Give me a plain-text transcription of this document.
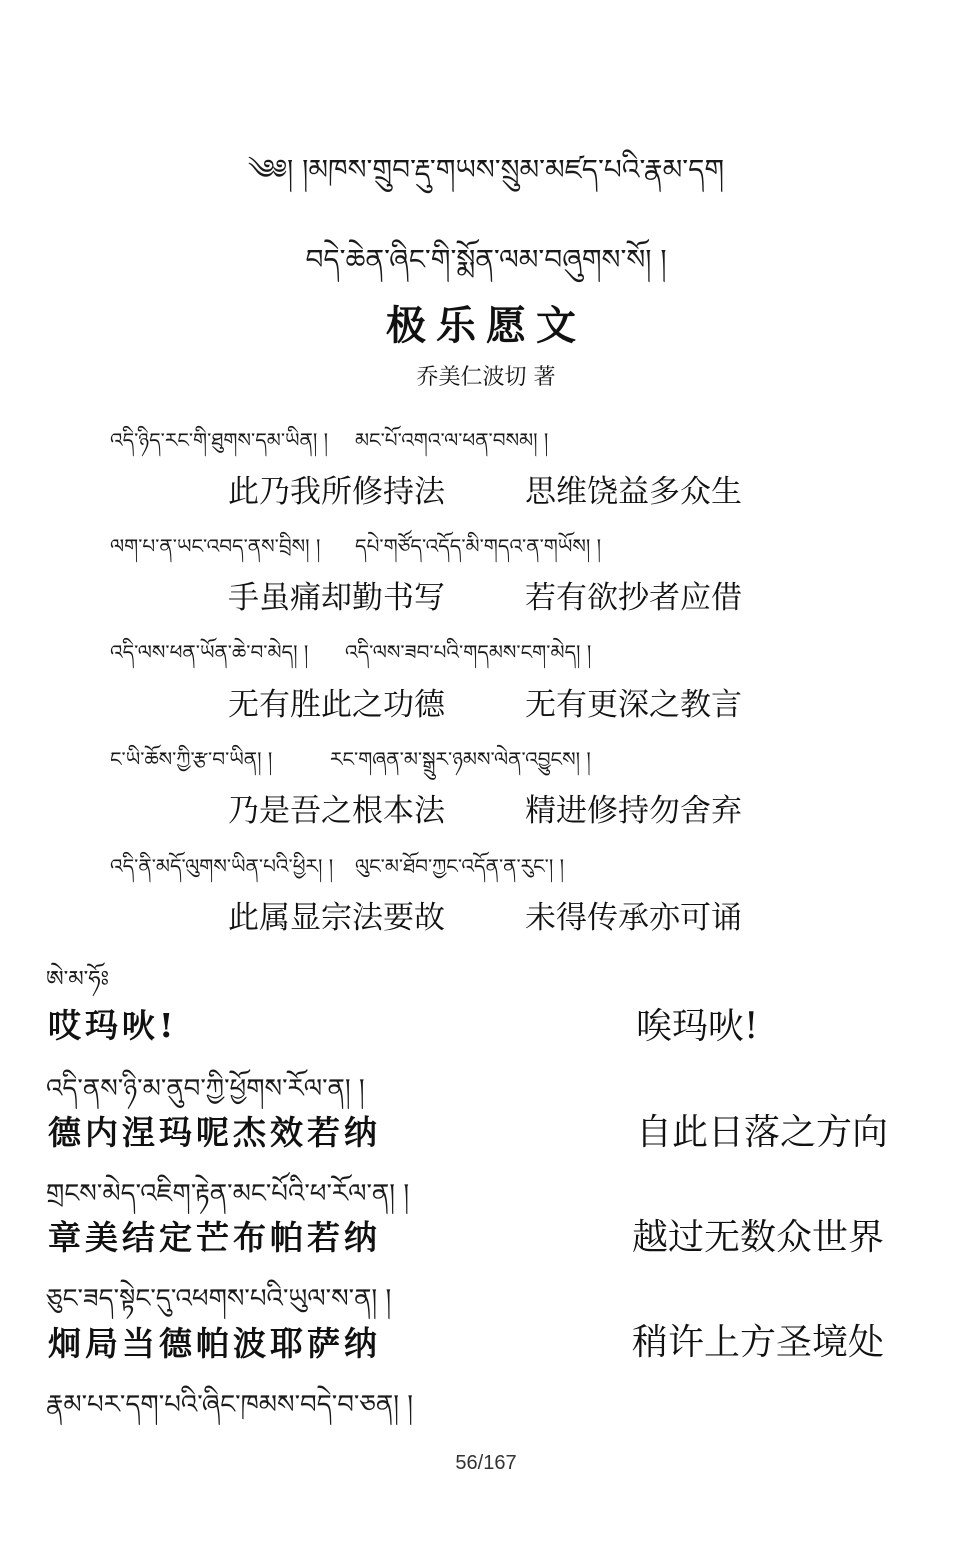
༄༅། །མཁས་གྲུབ་རྡུ་གཡས་སྲུམ་མཛད་པའི་རྣམ་དག
བདེ་ཆེན་ཞིང་གི་སྨོན་ལམ་བཞུགས་སོ། །
极乐愿文
乔美仁波切 著
འདི་ཉིད་རང་གི་ཐུགས་དམ་ཡིན། ། མང་པོ་འགའ་ལ་ཕན་བསམ། །
此乃我所修持法	思维饶益多众生
ལག་པ་ན་ཡང་འབད་ནས་བྲིས། ། དཔེ་གཙོད་འདོད་མི་གདའ་ན་གཡོས། །
手虽痛却勤书写	若有欲抄者应借
འདི་ལས་ཕན་ཡོན་ཆེ་བ་མེད། ། འདི་ལས་ཟབ་པའི་གདམས་ངག་མེད། །
无有胜此之功德	无有更深之教言
ང་ཡི་ཆོས་ཀྱི་རྩ་བ་ཡིན། །	རང་གཞན་མ་སྒྲུར་ཉམས་ལེན་འབྱུངས། །
乃是吾之根本法	精进修持勿舍弃
འདི་ནི་མདོ་ལུགས་ཡིན་པའི་ཕྱིར། ། ལུང་མ་ཐོབ་ཀྱང་འདོན་ན་རུང་། །
此属显宗法要故	未得传承亦可诵
ཨེ་མ་ཧོཿ
哎玛吙!	唉玛吙!
འདི་ནས་ཉི་མ་ནུབ་ཀྱི་ཕྱོགས་རོལ་ན། །
德内涅玛呢杰效若纳	自此日落之方向
གྲངས་མེད་འཇིག་རྟེན་མང་པོའི་ཕ་རོལ་ན། །
章美结定芒布帕若纳	越过无数众世界
ཅུང་ཟད་སྟེང་དུ་འཕགས་པའི་ཡུལ་ས་ན། །
炯局当德帕波耶萨纳	稍许上方圣境处
རྣམ་པར་དག་པའི་ཞིང་ཁམས་བདེ་བ་ཅན། །
56/167
